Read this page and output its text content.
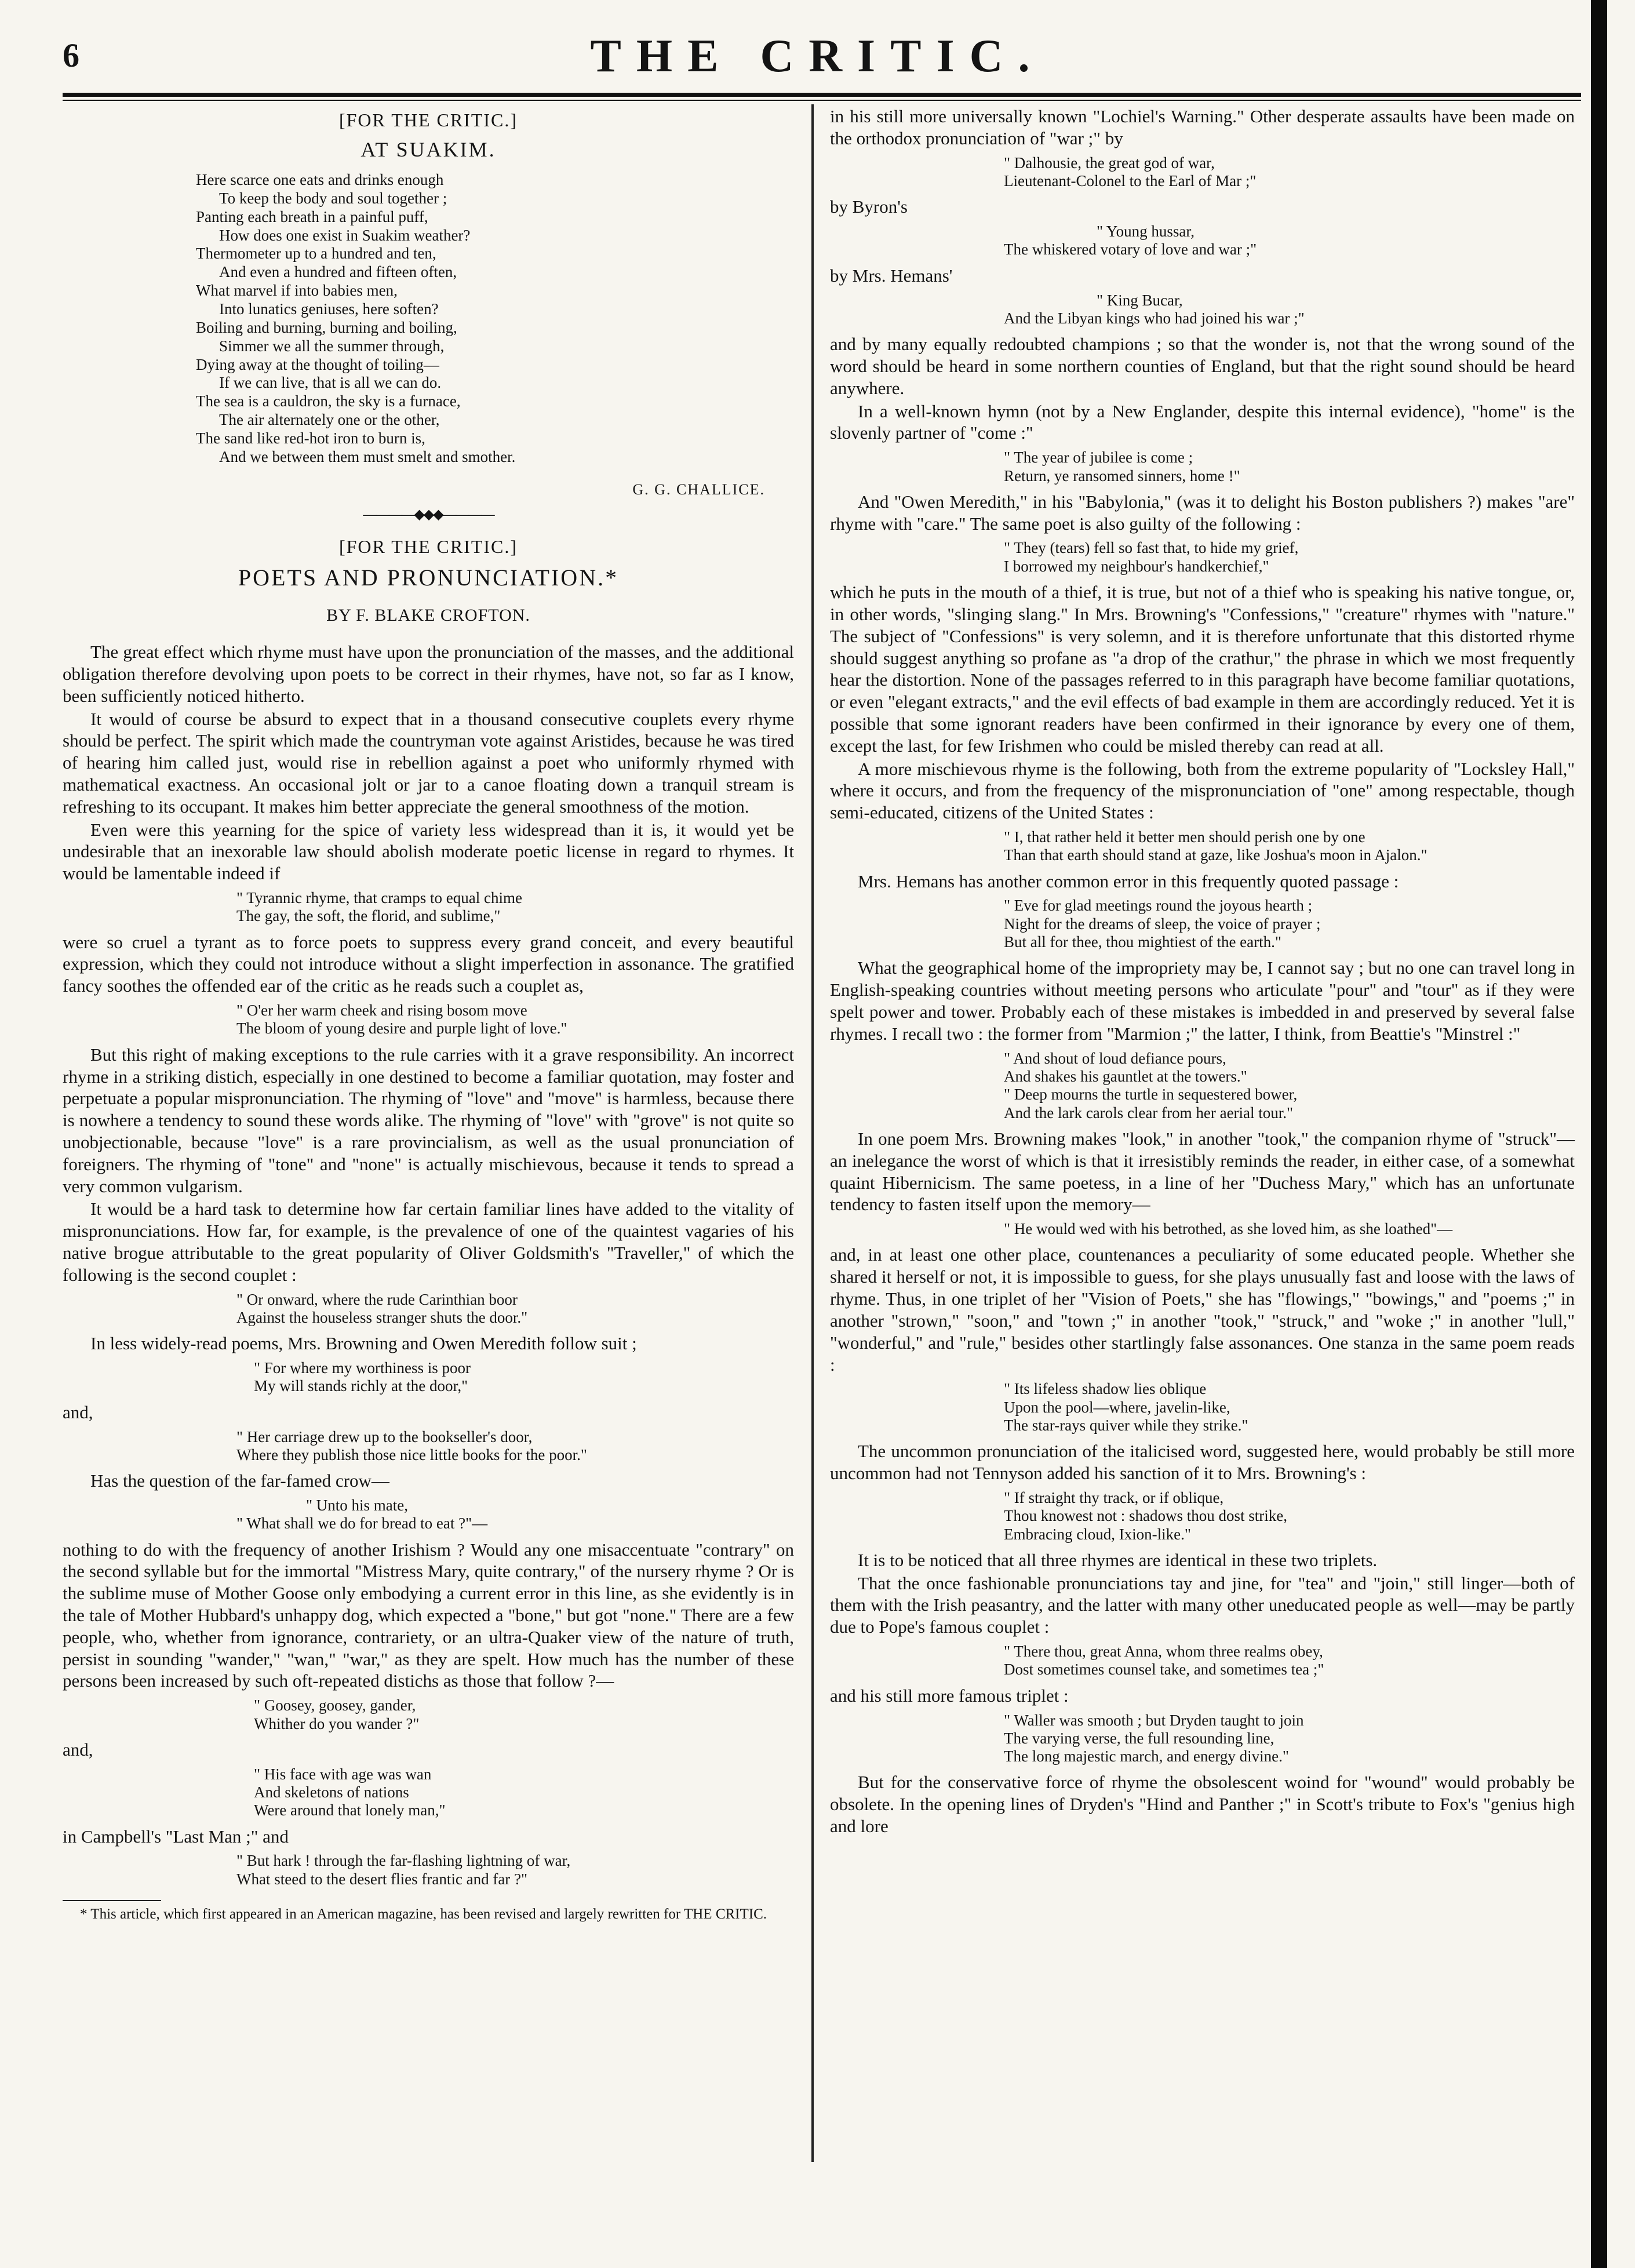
6	THE CRITIC.
[FOR THE CRITIC.]
AT SUAKIM.
Here scarce one eats and drinks enough
To keep the body and soul together ;
Panting each breath in a painful puff,
How does one exist in Suakim weather?
Thermometer up to a hundred and ten,
And even a hundred and fifteen often,
What marvel if into babies men,
Into lunatics geniuses, here soften?
Boiling and burning, burning and boiling,
Simmer we all the summer through,
Dying away at the thought of toiling—
If we can live, that is all we can do.
The sea is a cauldron, the sky is a furnace,
The air alternately one or the other,
The sand like red-hot iron to burn is,
And we between them must smelt and smother.
G. G. CHALLICE.
————◆◆◆————
[FOR THE CRITIC.]
POETS AND PRONUNCIATION.*
BY F. BLAKE CROFTON.

The great effect which rhyme must have upon the pronunciation of the masses, and the additional obligation therefore devolving upon poets to be correct in their rhymes, have not, so far as I know, been sufficiently noticed hitherto.

It would of course be absurd to expect that in a thousand consecutive couplets every rhyme should be perfect. The spirit which made the countryman vote against Aristides, because he was tired of hearing him called just, would rise in rebellion against a poet who uniformly rhymed with mathematical exactness. An occasional jolt or jar to a canoe floating down a tranquil stream is refreshing to its occupant. It makes him better appreciate the general smoothness of the motion.

Even were this yearning for the spice of variety less widespread than it is, it would yet be undesirable that an inexorable law should abolish moderate poetic license in regard to rhymes. It would be lamentable indeed if

" Tyrannic rhyme, that cramps to equal chime
The gay, the soft, the florid, and sublime,"

were so cruel a tyrant as to force poets to suppress every grand conceit, and every beautiful expression, which they could not introduce without a slight imperfection in assonance. The gratified fancy soothes the offended ear of the critic as he reads such a couplet as,

" O'er her warm cheek and rising bosom move
The bloom of young desire and purple light of love."

But this right of making exceptions to the rule carries with it a grave responsibility. An incorrect rhyme in a striking distich, especially in one destined to become a familiar quotation, may foster and perpetuate a popular mispronunciation. The rhyming of "love" and "move" is harmless, because there is nowhere a tendency to sound these words alike. The rhyming of "love" with "grove" is not quite so unobjectionable, because "love" is a rare provincialism, as well as the usual pronunciation of foreigners. The rhyming of "tone" and "none" is actually mischievous, because it tends to spread a very common vulgarism.

It would be a hard task to determine how far certain familiar lines have added to the vitality of mispronunciations. How far, for example, is the prevalence of one of the quaintest vagaries of his native brogue attributable to the great popularity of Oliver Goldsmith's "Traveller," of which the following is the second couplet :

" Or onward, where the rude Carinthian boor
Against the houseless stranger shuts the door."

In less widely-read poems, Mrs. Browning and Owen Meredith follow suit ;

" For where my worthiness is poor
My will stands richly at the door,"

and,

" Her carriage drew up to the bookseller's door,
Where they publish those nice little books for the poor."

Has the question of the far-famed crow—

" Unto his mate,
" What shall we do for bread to eat ?"—

nothing to do with the frequency of another Irishism ? Would any one misaccentuate "contrary" on the second syllable but for the immortal "Mistress Mary, quite contrary," of the nursery rhyme ? Or is the sublime muse of Mother Goose only embodying a current error in this line, as she evidently is in the tale of Mother Hubbard's unhappy dog, which expected a "bone," but got "none." There are a few people, who, whether from ignorance, contrariety, or an ultra-Quaker view of the nature of truth, persist in sounding "wander," "wan," "war," as they are spelt. How much has the number of these persons been increased by such oft-repeated distichs as those that follow ?—

" Goosey, goosey, gander,
Whither do you wander ?"

and,

" His face with age was wan
And skeletons of nations
Were around that lonely man,"

in Campbell's "Last Man ;" and

" But hark ! through the far-flashing lightning of war,
What steed to the desert flies frantic and far ?"
* This article, which first appeared in an American magazine, has been revised and largely rewritten for THE CRITIC.

in his still more universally known "Lochiel's Warning." Other desperate assaults have been made on the orthodox pronunciation of "war ;" by

" Dalhousie, the great god of war,
Lieutenant-Colonel to the Earl of Mar ;"

by Byron's

" Young hussar,
The whiskered votary of love and war ;"

by Mrs. Hemans'

" King Bucar,
And the Libyan kings who had joined his war ;"

and by many equally redoubted champions ; so that the wonder is, not that the wrong sound of the word should be heard in some northern counties of England, but that the right sound should be heard anywhere.

In a well-known hymn (not by a New Englander, despite this internal evidence), "home" is the slovenly partner of "come :"

" The year of jubilee is come ;
Return, ye ransomed sinners, home !"

And "Owen Meredith," in his "Babylonia," (was it to delight his Boston publishers ?) makes "are" rhyme with "care." The same poet is also guilty of the following :

" They (tears) fell so fast that, to hide my grief,
I borrowed my neighbour's handkerchief,"

which he puts in the mouth of a thief, it is true, but not of a thief who is speaking his native tongue, or, in other words, "slinging slang." In Mrs. Browning's "Confessions," "creature" rhymes with "nature." The subject of "Confessions" is very solemn, and it is therefore unfortunate that this distorted rhyme should suggest anything so profane as "a drop of the crathur," the phrase in which we most frequently hear the distortion. None of the passages referred to in this paragraph have become familiar quotations, or even "elegant extracts," and the evil effects of bad example in them are accordingly reduced. Yet it is possible that some ignorant readers have been confirmed in their ignorance by every one of them, except the last, for few Irishmen who could be misled thereby can read at all.

A more mischievous rhyme is the following, both from the extreme popularity of "Locksley Hall," where it occurs, and from the frequency of the mispronunciation of "one" among respectable, though semi-educated, citizens of the United States :

" I, that rather held it better men should perish one by one
Than that earth should stand at gaze, like Joshua's moon in Ajalon."

Mrs. Hemans has another common error in this frequently quoted passage :

" Eve for glad meetings round the joyous hearth ;
Night for the dreams of sleep, the voice of prayer ;
But all for thee, thou mightiest of the earth."

What the geographical home of the impropriety may be, I cannot say ; but no one can travel long in English-speaking countries without meeting persons who articulate "pour" and "tour" as if they were spelt power and tower. Probably each of these mistakes is imbedded in and preserved by several false rhymes. I recall two : the former from "Marmion ;" the latter, I think, from Beattie's "Minstrel :"

" And shout of loud defiance pours,
And shakes his gauntlet at the towers."
" Deep mourns the turtle in sequestered bower,
And the lark carols clear from her aerial tour."

In one poem Mrs. Browning makes "look," in another "took," the companion rhyme of "struck"—an inelegance the worst of which is that it irresistibly reminds the reader, in either case, of a somewhat quaint Hibernicism. The same poetess, in a line of her "Duchess Mary," which has an unfortunate tendency to fasten itself upon the memory—

" He would wed with his betrothed, as she loved him, as she loathed"—

and, in at least one other place, countenances a peculiarity of some educated people. Whether she shared it herself or not, it is impossible to guess, for she plays unusually fast and loose with the laws of rhyme. Thus, in one triplet of her "Vision of Poets," she has "flowings," "bowings," and "poems ;" in another "strown," "soon," and "town ;" in another "took," "struck," and "woke ;" in another "lull," "wonderful," and "rule," besides other startlingly false assonances. One stanza in the same poem reads :

" Its lifeless shadow lies oblique
Upon the pool—where, javelin-like,
The star-rays quiver while they strike."

The uncommon pronunciation of the italicised word, suggested here, would probably be still more uncommon had not Tennyson added his sanction of it to Mrs. Browning's :

" If straight thy track, or if oblique,
Thou knowest not : shadows thou dost strike,
Embracing cloud, Ixion-like."

It is to be noticed that all three rhymes are identical in these two triplets.

That the once fashionable pronunciations tay and jine, for "tea" and "join," still linger—both of them with the Irish peasantry, and the latter with many other uneducated people as well—may be partly due to Pope's famous couplet :

" There thou, great Anna, whom three realms obey,
Dost sometimes counsel take, and sometimes tea ;"

and his still more famous triplet :

" Waller was smooth ; but Dryden taught to join
The varying verse, the full resounding line,
The long majestic march, and energy divine."

But for the conservative force of rhyme the obsolescent woind for "wound" would probably be obsolete. In the opening lines of Dryden's "Hind and Panther ;" in Scott's tribute to Fox's "genius high and lore
